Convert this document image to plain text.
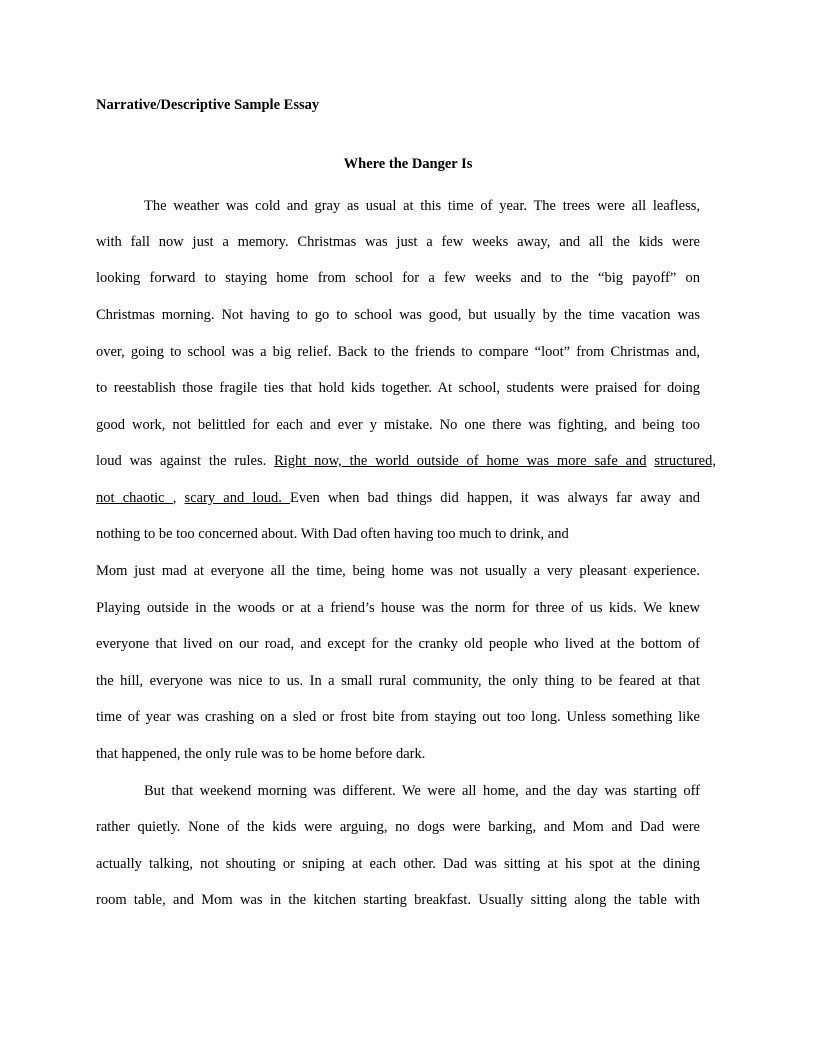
Narrative/Descriptive Sample Essay
Where the Danger Is
The weather was cold and gray as usual at this time of year. The trees were all leafless,
with fall now just a memory. Christmas was just a few weeks away, and all the kids were
looking forward to staying home from school for a few weeks and to the “big payoff” on
Christmas morning. Not having to go to school was good, but usually by the time vacation was
over, going to school was a big relief. Back to the friends to compare “loot” from Christmas and,
to reestablish those fragile ties that hold kids together. At school, students were praised for doing
good work, not belittled for each and ever y mistake. No one there was fighting, and being too
loud was against the rules. Right now, the world outside of home was more safe and structured,
not chaotic , scary and loud. Even when bad things did happen, it was always far away and
nothing to be too concerned about. With Dad often having too much to drink, and
Mom just mad at everyone all the time, being home was not usually a very pleasant experience.
Playing outside in the woods or at a friend’s house was the norm for three of us kids. We knew
everyone that lived on our road, and except for the cranky old people who lived at the bottom of
the hill, everyone was nice to us. In a small rural community, the only thing to be feared at that
time of year was crashing on a sled or frost bite from staying out too long. Unless something like
that happened, the only rule was to be home before dark.
But that weekend morning was different. We were all home, and the day was starting off
rather quietly. None of the kids were arguing, no dogs were barking, and Mom and Dad were
actually talking, not shouting or sniping at each other. Dad was sitting at his spot at the dining
room table, and Mom was in the kitchen starting breakfast. Usually sitting along the table with
